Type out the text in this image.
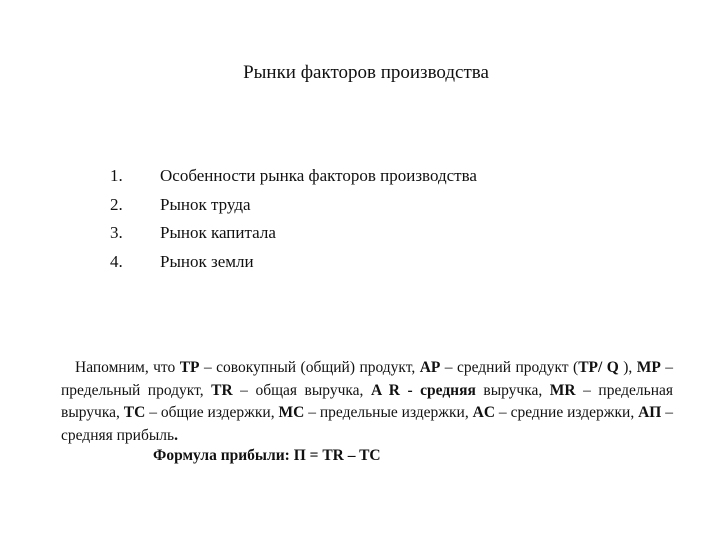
Рынки факторов производства
1.	Особенности рынка факторов производства
2.	Рынок труда
3.	Рынок капитала
4.	Рынок земли

Напомним, что TP – совокупный (общий) продукт, AP – средний продукт (TP/ Q ), MP – предельный продукт, TR – общая выручка, A R - средняя выручка, MR – предельная выручка, TC – общие издержки, MC – предельные издержки, AC – средние издержки, AП – средняя прибыль.

Формула прибыли: П = TR – TC
